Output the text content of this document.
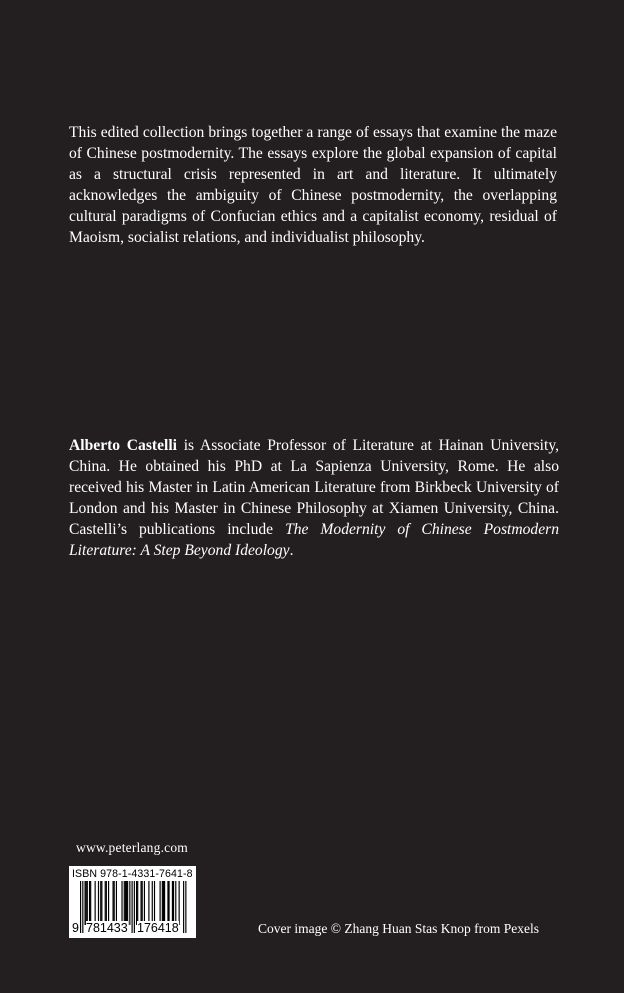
This edited collection brings together a range of essays that examine the maze of Chinese postmodernity. The essays explore the global expansion of capital as a structural crisis represented in art and literature. It ultimately acknowledges the ambiguity of Chinese postmodernity, the overlapping cultural paradigms of Confucian ethics and a capitalist economy, residual of Maoism, socialist relations, and individualist philosophy.
Alberto Castelli is Associate Professor of Literature at Hainan University, China. He obtained his PhD at La Sapienza University, Rome. He also received his Master in Latin American Literature from Birkbeck University of London and his Master in Chinese Philosophy at Xiamen University, China. Castelli’s publications include The Modernity of Chinese Postmodern Literature: A Step Beyond Ideology.
www.peterlang.com
ISBN 978-1-4331-7641-8
9 781433 176418	Cover image © Zhang Huan Stas Knop from Pexels
